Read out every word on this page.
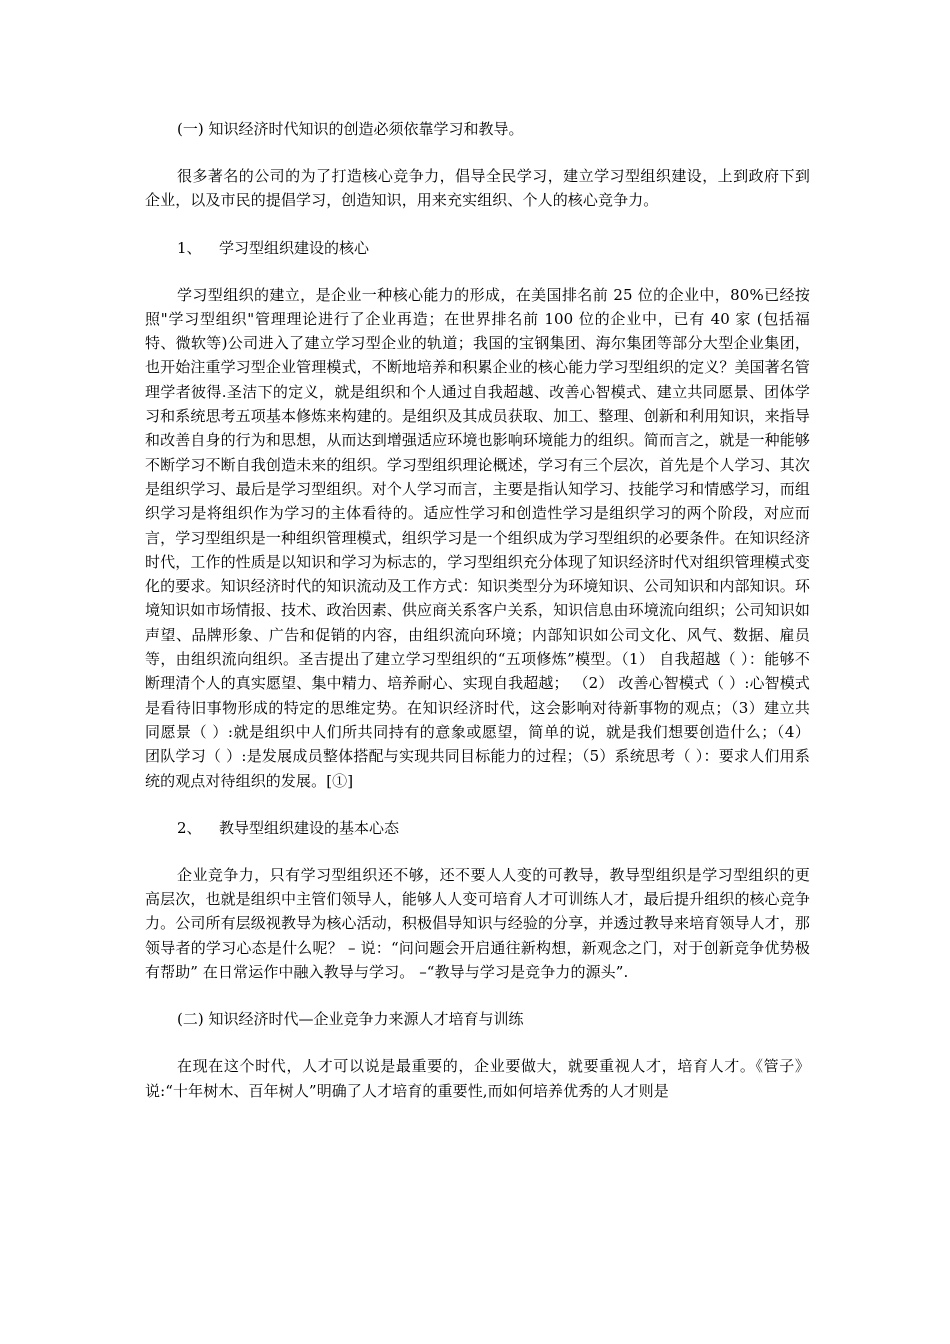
(一) 知识经济时代知识的创造必须依靠学习和教导。

很多著名的公司的为了打造核心竞争力，倡导全民学习，建立学习型组织建设，上到政府下到企业，以及市民的提倡学习，创造知识，用来充实组织、个人的核心竞争力。

1、 学习型组织建设的核心

学习型组织的建立，是企业一种核心能力的形成，在美国排名前 25 位的企业中，80%已经按照"学习型组织"管理理论进行了企业再造；在世界排名前 100 位的企业中，已有 40 家 (包括福特、微软等)公司进入了建立学习型企业的轨道；我国的宝钢集团、海尔集团等部分大型企业集团，也开始注重学习型企业管理模式，不断地培养和积累企业的核心能力学习型组织的定义？美国著名管理学者彼得.圣洁下的定义，就是组织和个人通过自我超越、改善心智模式、建立共同愿景、团体学习和系统思考五项基本修炼来构建的。是组织及其成员获取、加工、整理、创新和利用知识，来指导和改善自身的行为和思想，从而达到增强适应环境也影响环境能力的组织。简而言之，就是一种能够不断学习不断自我创造未来的组织。学习型组织理论概述，学习有三个层次，首先是个人学习、其次是组织学习、最后是学习型组织。对个人学习而言，主要是指认知学习、技能学习和情感学习，而组织学习是将组织作为学习的主体看待的。适应性学习和创造性学习是组织学习的两个阶段，对应而言，学习型组织是一种组织管理模式，组织学习是一个组织成为学习型组织的必要条件。在知识经济时代，工作的性质是以知识和学习为标志的，学习型组织充分体现了知识经济时代对组织管理模式变化的要求。知识经济时代的知识流动及工作方式：知识类型分为环境知识、公司知识和内部知识。环境知识如市场情报、技术、政治因素、供应商关系客户关系，知识信息由环境流向组织；公司知识如声望、品牌形象、广告和促销的内容，由组织流向环境；内部知识如公司文化、风气、数据、雇员等，由组织流向组织。圣吉提出了建立学习型组织的“五项修炼”模型。（1） 自我超越（ ）：能够不断理清个人的真实愿望、集中精力、培养耐心、实现自我超越； （2） 改善心智模式（ ）:心智模式是看待旧事物形成的特定的思维定势。在知识经济时代，这会影响对待新事物的观点；（3）建立共同愿景（ ）:就是组织中人们所共同持有的意象或愿望，简单的说，就是我们想要创造什么；（4） 团队学习（ ）:是发展成员整体搭配与实现共同目标能力的过程；（5）系统思考（ ）：要求人们用系统的观点对待组织的发展。[①]

2、 教导型组织建设的基本心态

企业竞争力，只有学习型组织还不够，还不要人人变的可教导，教导型组织是学习型组织的更高层次，也就是组织中主管们领导人，能够人人变可培育人才可训练人才，最后提升组织的核心竞争力。公司所有层级视教导为核心活动，积极倡导知识与经验的分享，并透过教导来培育领导人才，那领导者的学习心态是什么呢？ – 说：“问问题会开启通往新构想，新观念之门，对于创新竞争优势极有帮助” 在日常运作中融入教导与学习。 –“教导与学习是竞争力的源头”.

(二) 知识经济时代—企业竞争力来源人才培育与训练

在现在这个时代，人才可以说是最重要的，企业要做大，就要重视人才，培育人才。《管子》说:“十年树木、百年树人”明确了人才培育的重要性,而如何培养优秀的人才则是
